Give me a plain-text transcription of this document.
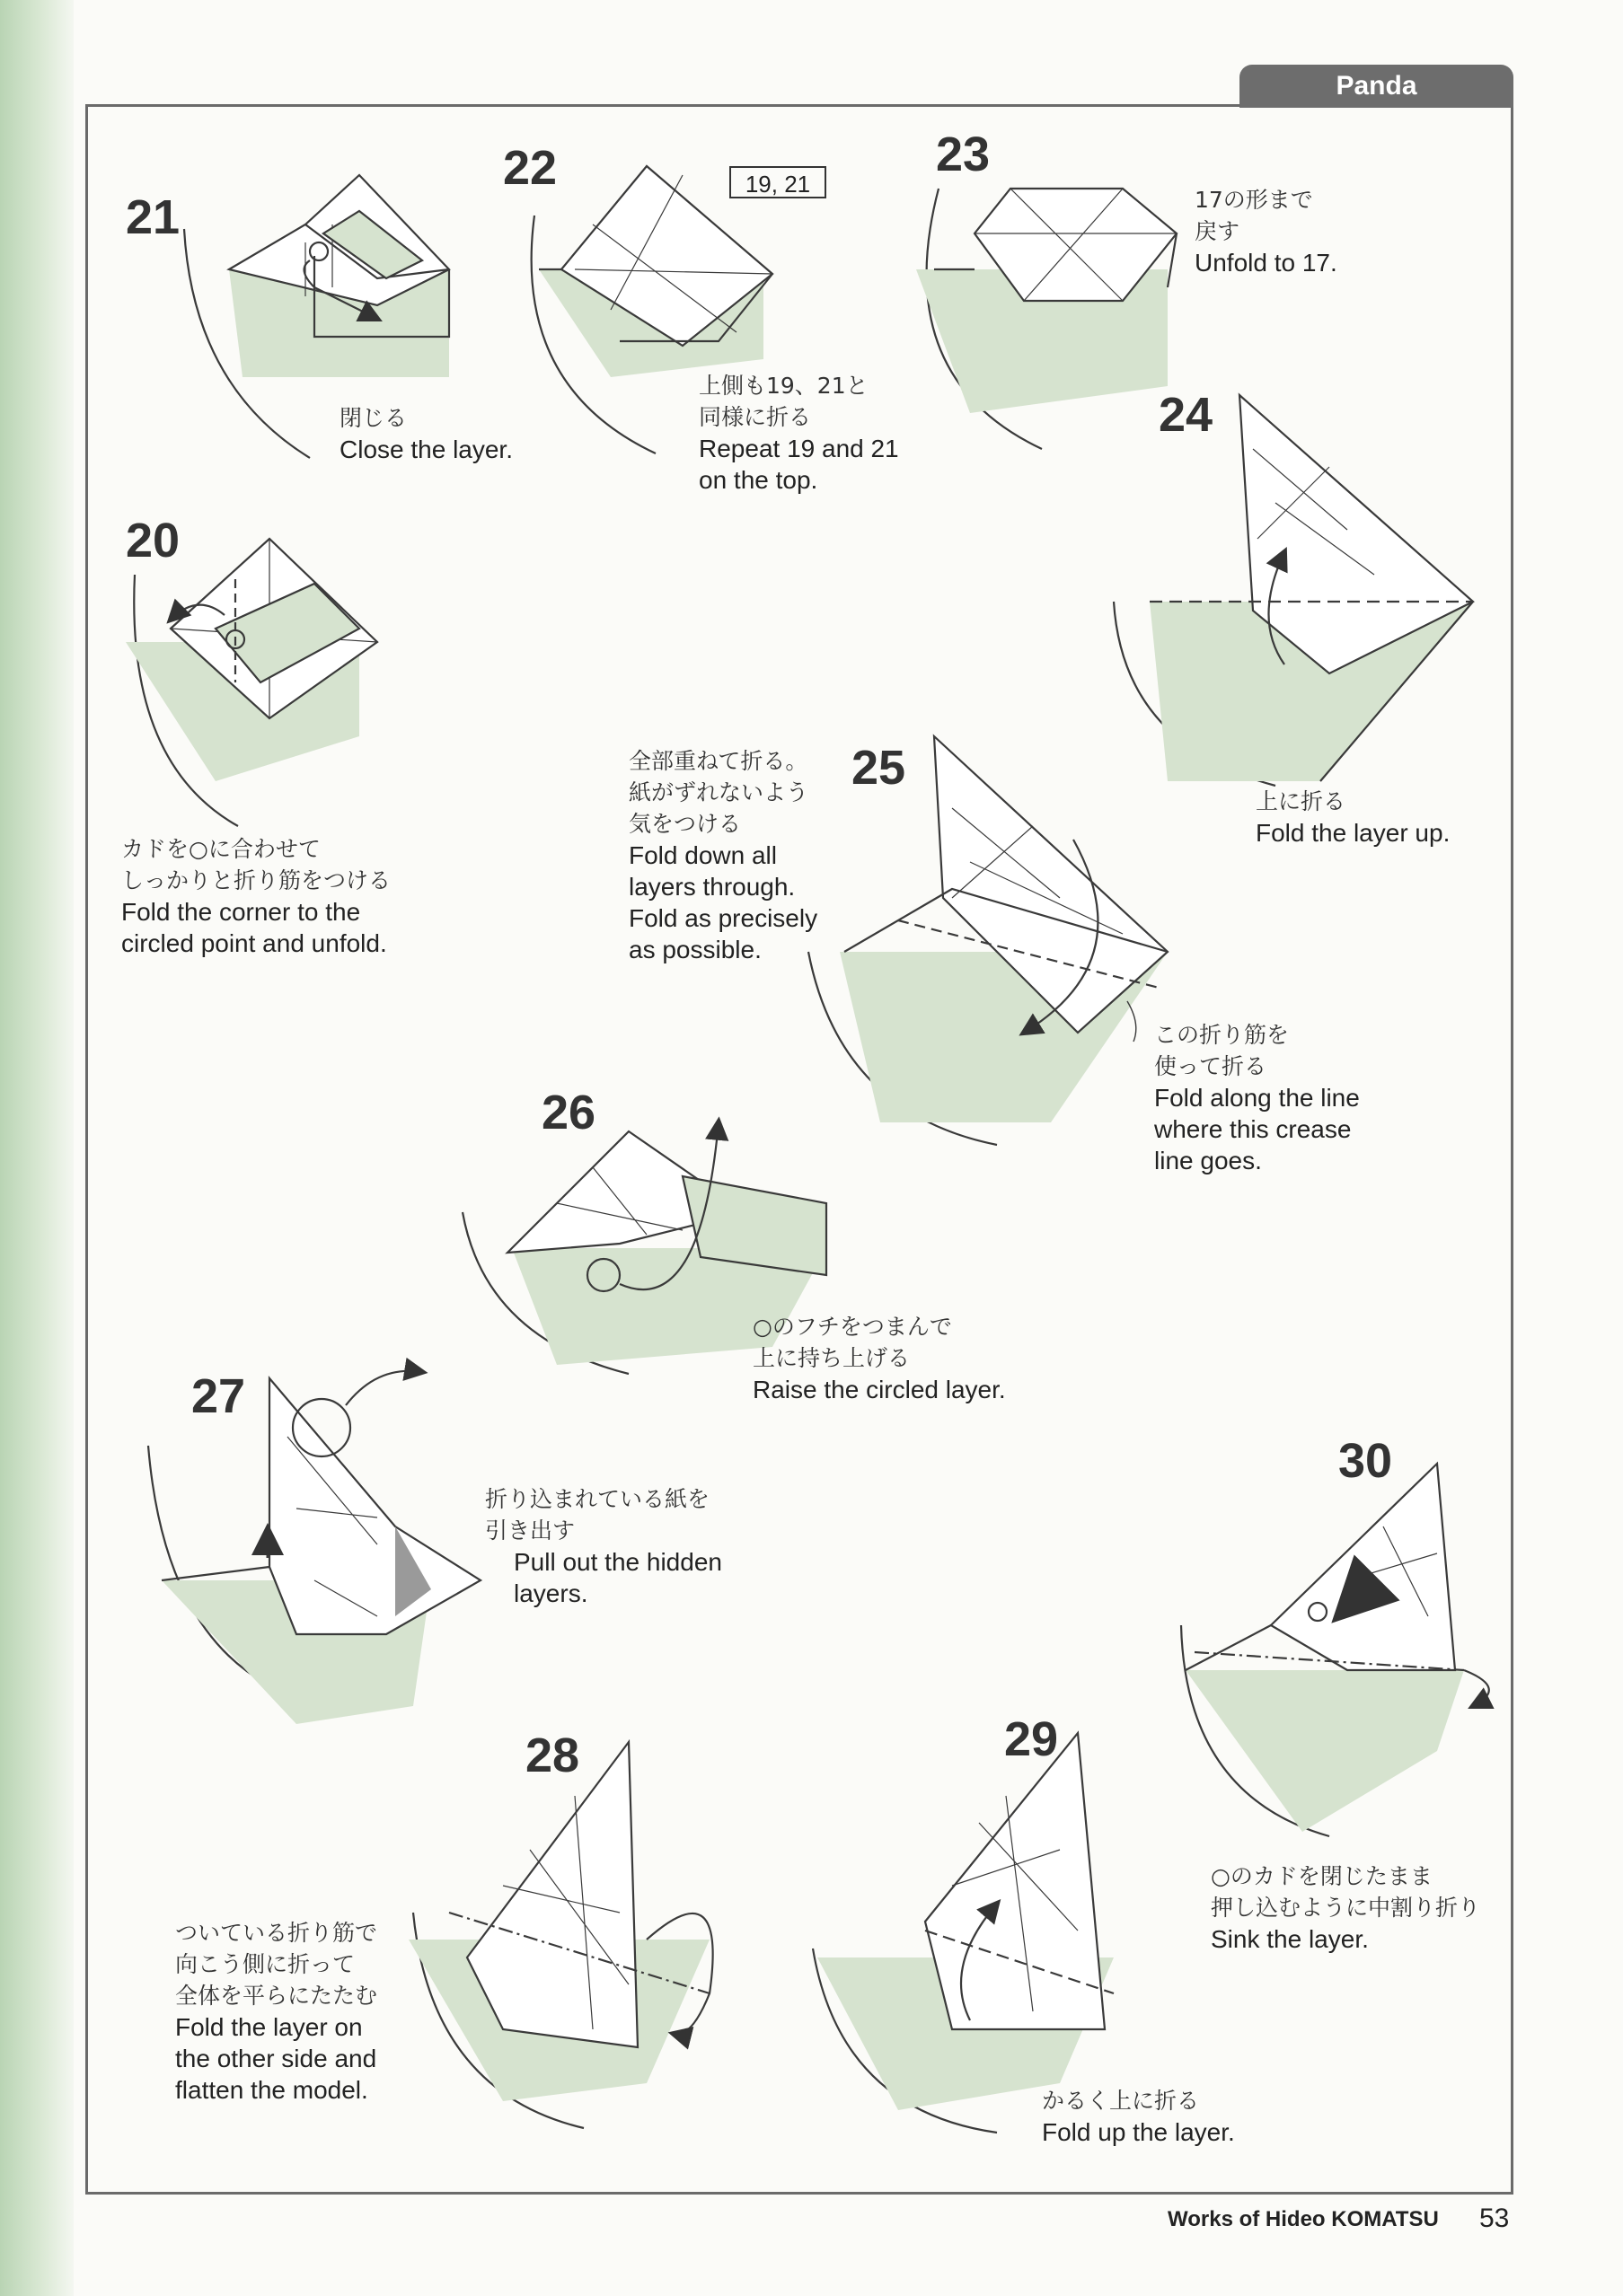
Panda
21
22	23
24
20
25
26
27
30
28	29
19, 21
閉じる
Close the layer.
上側も19、21と
同様に折る
Repeat 19 and 21
on the top.
17の形まで
戻す
Unfold to 17.
上に折る
Fold the layer up.
カドを○に合わせて
しっかりと折り筋をつける
Fold the corner to the
circled point and unfold.
全部重ねて折る。
紙がずれないよう
気をつける
Fold down all
layers through.
Fold as precisely
as possible.
この折り筋を
使って折る
Fold along the line
where this crease
line goes.
○のフチをつまんで
上に持ち上げる
Raise the circled layer.
折り込まれている紙を
引き出す
Pull out the hidden
layers.
○のカドを閉じたまま
押し込むように中割り折り
Sink the layer.
ついている折り筋で
向こう側に折って
全体を平らにたたむ
Fold the layer on
the other side and
flatten the model.	かるく上に折る
Fold up the layer.
Works of Hideo KOMATSU 53
